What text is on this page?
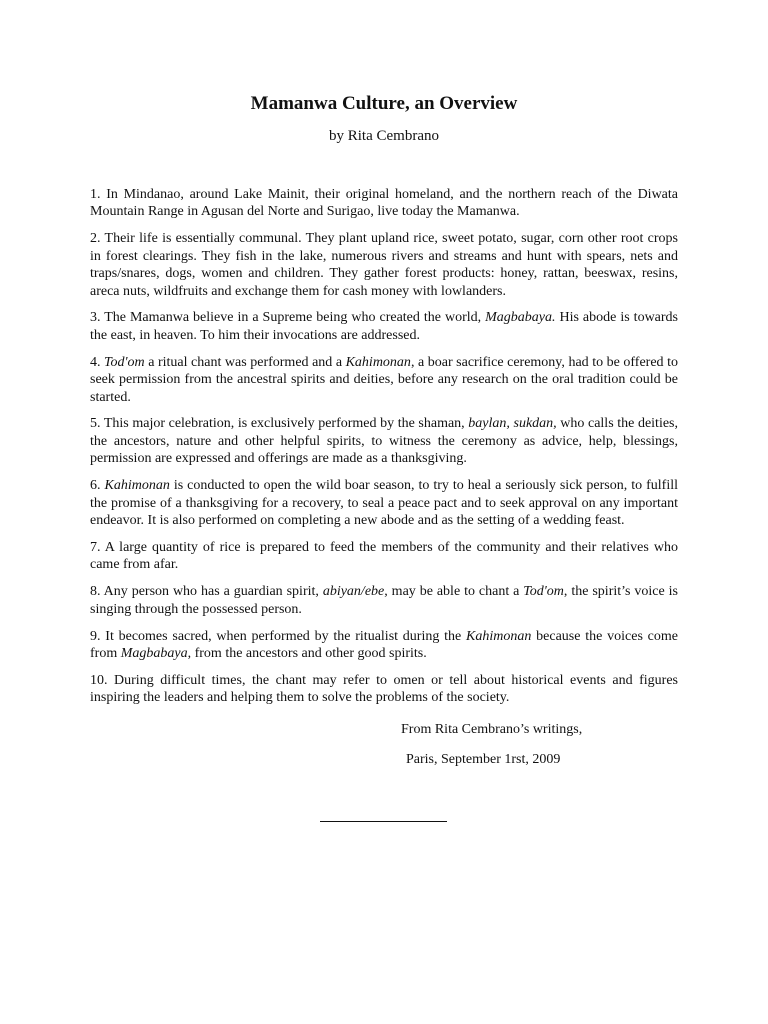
Mamanwa Culture, an Overview
by Rita Cembrano

1. In Mindanao, around Lake Mainit, their original homeland, and the northern reach of the Diwata Mountain Range in Agusan del Norte and Surigao, live today the Mamanwa.

2. Their life is essentially communal. They plant upland rice, sweet potato, sugar, corn other root crops in forest clearings. They fish in the lake, numerous rivers and streams and hunt with spears, nets and traps/snares, dogs, women and children. They gather forest products: honey, rattan, beeswax, resins, areca nuts, wildfruits and exchange them for cash money with lowlanders.

3. The Mamanwa believe in a Supreme being who created the world, Magbabaya. His abode is towards the east, in heaven. To him their invocations are addressed.

4. Tod'om a ritual chant was performed and a Kahimonan, a boar sacrifice ceremony, had to be offered to seek permission from the ancestral spirits and deities, before any research on the oral tradition could be started.

5. This major celebration, is exclusively performed by the shaman, baylan, sukdan, who calls the deities, the ancestors, nature and other helpful spirits, to witness the ceremony as advice, help, blessings, permission are expressed and offerings are made as a thanksgiving.

6. Kahimonan is conducted to open the wild boar season, to try to heal a seriously sick person, to fulfill the promise of a thanksgiving for a recovery, to seal a peace pact and to seek approval on any important endeavor. It is also performed on completing a new abode and as the setting of a wedding feast.

7. A large quantity of rice is prepared to feed the members of the community and their relatives who came from afar.

8. Any person who has a guardian spirit, abiyan/ebe, may be able to chant a Tod'om, the spirit’s voice is singing through the possessed person.

9. It becomes sacred, when performed by the ritualist during the Kahimonan because the voices come from Magbabaya, from the ancestors and other good spirits.

10. During difficult times, the chant may refer to omen or tell about historical events and figures inspiring the leaders and helping them to solve the problems of the society.

From Rita Cembrano’s writings,
Paris, September 1rst, 2009
